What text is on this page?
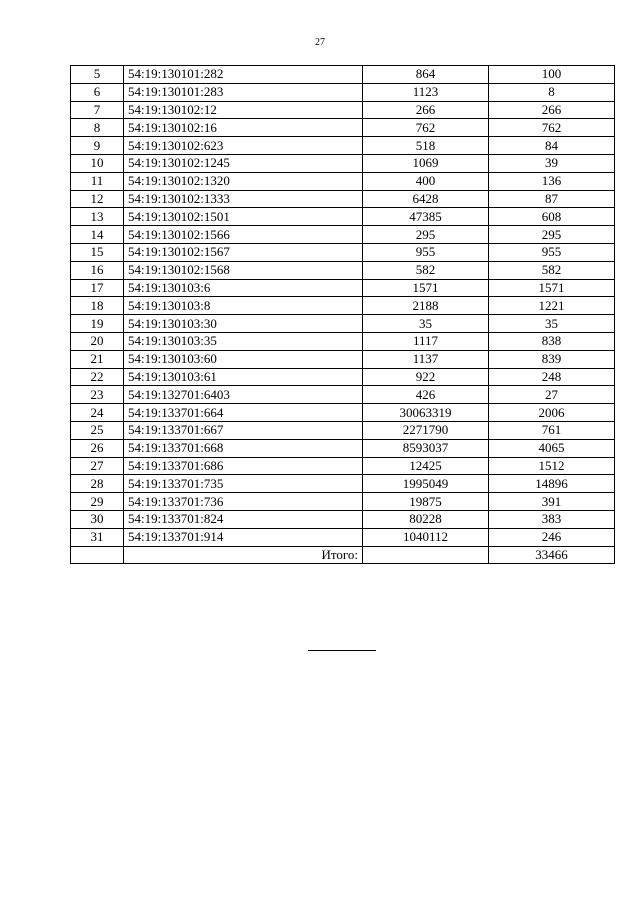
27
5	54:19:130101:282	864	100
6	54:19:130101:283	1123	8
7	54:19:130102:12	266	266
8	54:19:130102:16	762	762
9	54:19:130102:623	518	84
10	54:19:130102:1245	1069	39
11	54:19:130102:1320	400	136
12	54:19:130102:1333	6428	87
13	54:19:130102:1501	47385	608
14	54:19:130102:1566	295	295
15	54:19:130102:1567	955	955
16	54:19:130102:1568	582	582
17	54:19:130103:6	1571	1571
18	54:19:130103:8	2188	1221
19	54:19:130103:30	35	35
20	54:19:130103:35	1117	838
21	54:19:130103:60	1137	839
22	54:19:130103:61	922	248
23	54:19:132701:6403	426	27
24	54:19:133701:664	30063319	2006
25	54:19:133701:667	2271790	761
26	54:19:133701:668	8593037	4065
27	54:19:133701:686	12425	1512
28	54:19:133701:735	1995049	14896
29	54:19:133701:736	19875	391
30	54:19:133701:824	80228	383
31	54:19:133701:914	1040112	246
	Итого:		33466
